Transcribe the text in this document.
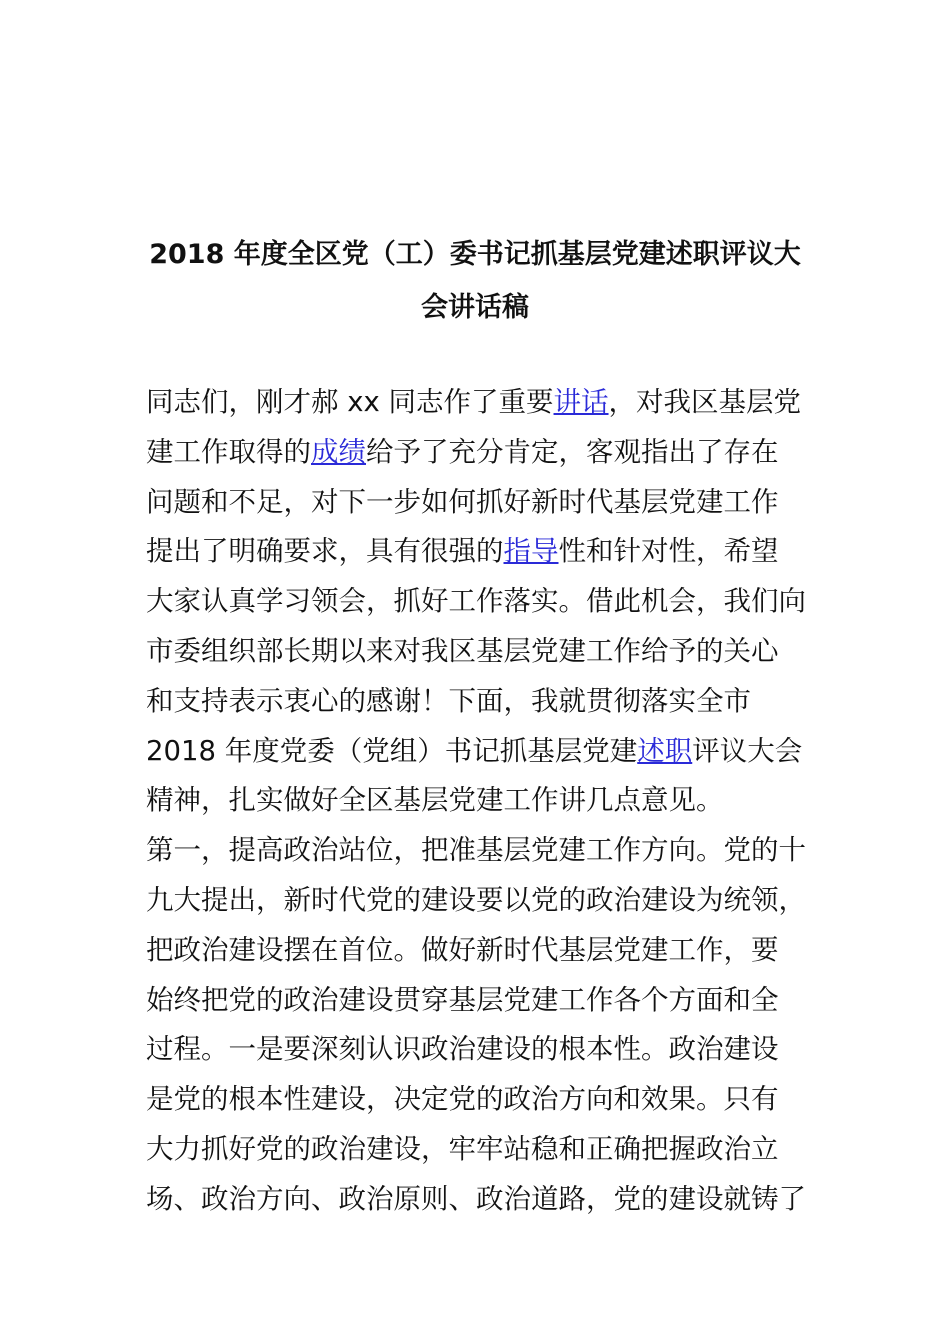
2018 年度全区党（工）委书记抓基层党建述职评议大
会讲话稿
同志们，刚才郝 xx 同志作了重要讲话，对我区基层党
建工作取得的成绩给予了充分肯定，客观指出了存在
问题和不足，对下一步如何抓好新时代基层党建工作
提出了明确要求，具有很强的指导性和针对性，希望
大家认真学习领会，抓好工作落实。借此机会，我们向
市委组织部长期以来对我区基层党建工作给予的关心
和支持表示衷心的感谢！下面，我就贯彻落实全市
2018 年度党委（党组）书记抓基层党建述职评议大会
精神，扎实做好全区基层党建工作讲几点意见。
第一，提高政治站位，把准基层党建工作方向。党的十
九大提出，新时代党的建设要以党的政治建设为统领，
把政治建设摆在首位。做好新时代基层党建工作，要
始终把党的政治建设贯穿基层党建工作各个方面和全
过程。一是要深刻认识政治建设的根本性。政治建设
是党的根本性建设，决定党的政治方向和效果。只有
大力抓好党的政治建设，牢牢站稳和正确把握政治立
场、政治方向、政治原则、政治道路，党的建设就铸了
